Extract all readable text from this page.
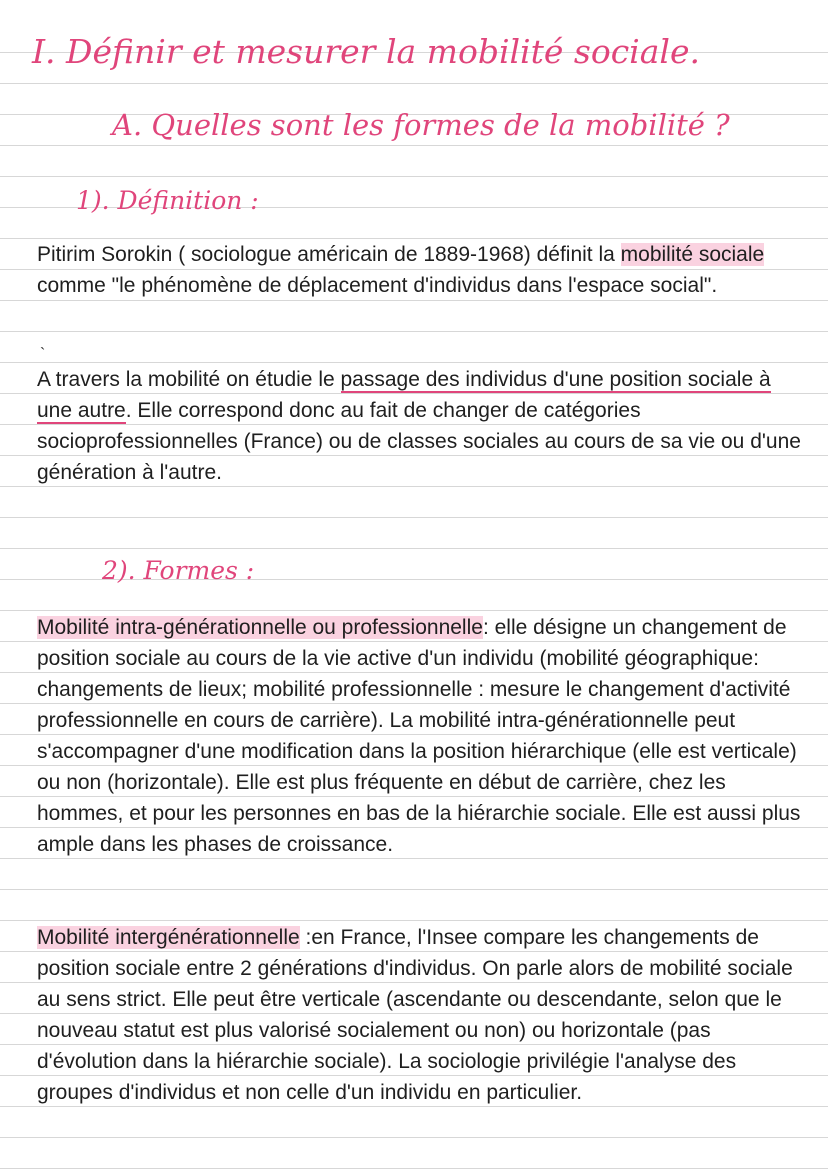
I. Définir et mesurer la mobilité sociale.
A. Quelles sont les formes de la mobilité ?
1). Définition :

Pitirim Sorokin ( sociologue américain de 1889-1968) définit la mobilité sociale comme "le phénomène de déplacement d'individus dans l'espace social".

`

A travers la mobilité on étudie le passage des individus d'une position sociale à une autre. Elle correspond donc au fait de changer de catégories socioprofessionnelles (France) ou de classes sociales au cours de sa vie ou d'une génération à l'autre.

2). Formes :

Mobilité intra-générationnelle ou professionnelle: elle désigne un changement de position sociale au cours de la vie active d'un individu (mobilité géographique: changements de lieux; mobilité professionnelle : mesure le changement d'activité professionnelle en cours de carrière). La mobilité intra-générationnelle peut s'accompagner d'une modification dans la position hiérarchique (elle est verticale) ou non (horizontale). Elle est plus fréquente en début de carrière, chez les hommes, et pour les personnes en bas de la hiérarchie sociale. Elle est aussi plus ample dans les phases de croissance.

Mobilité intergénérationnelle :en France, l'Insee compare les changements de position sociale entre 2 générations d'individus. On parle alors de mobilité sociale au sens strict. Elle peut être verticale (ascendante ou descendante, selon que le nouveau statut est plus valorisé socialement ou non) ou horizontale (pas d'évolution dans la hiérarchie sociale). La sociologie privilégie l'analyse des groupes d'individus et non celle d'un individu en particulier.
